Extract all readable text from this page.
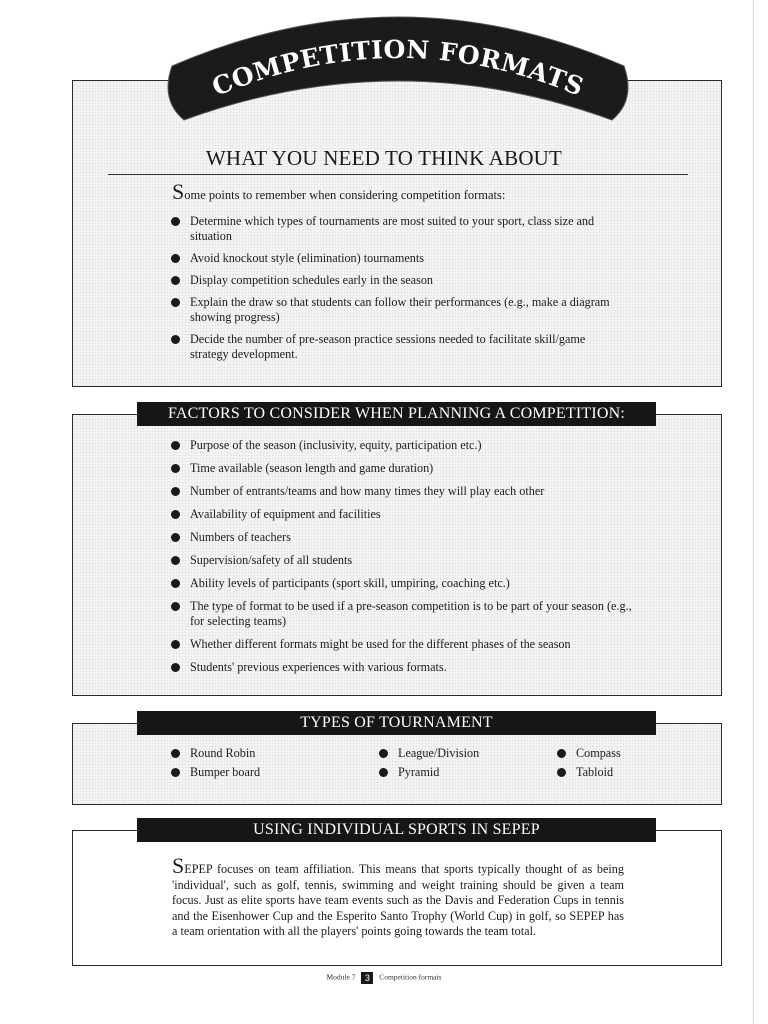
COMPETITION FORMATS
WHAT YOU NEED TO THINK ABOUT
Some points to remember when considering competition formats:
Determine which types of tournaments are most suited to your sport, class size and situation
Avoid knockout style (elimination) tournaments
Display competition schedules early in the season
Explain the draw so that students can follow their performances (e.g., make a diagram showing progress)
Decide the number of pre-season practice sessions needed to facilitate skill/game strategy development.
FACTORS TO CONSIDER WHEN PLANNING A COMPETITION:
Purpose of the season (inclusivity, equity, participation etc.)
Time available (season length and game duration)
Number of entrants/teams and how many times they will play each other
Availability of equipment and facilities
Numbers of teachers
Supervision/safety of all students
Ability levels of participants (sport skill, umpiring, coaching etc.)
The type of format to be used if a pre-season competition is to be part of your season (e.g., for selecting teams)
Whether different formats might be used for the different phases of the season
Students' previous experiences with various formats.
TYPES OF TOURNAMENT
Round Robin
Bumper board
League/Division
Pyramid
Compass
Tabloid
USING INDIVIDUAL SPORTS IN SEPEP
SEPEP focuses on team affiliation. This means that sports typically thought of as being 'individual', such as golf, tennis, swimming and weight training should be given a team focus. Just as elite sports have team events such as the Davis and Federation Cups in tennis and the Eisenhower Cup and the Esperito Santo Trophy (World Cup) in golf, so SEPEP has a team orientation with all the players' points going towards the team total.
Module 7 3 Competition formats
